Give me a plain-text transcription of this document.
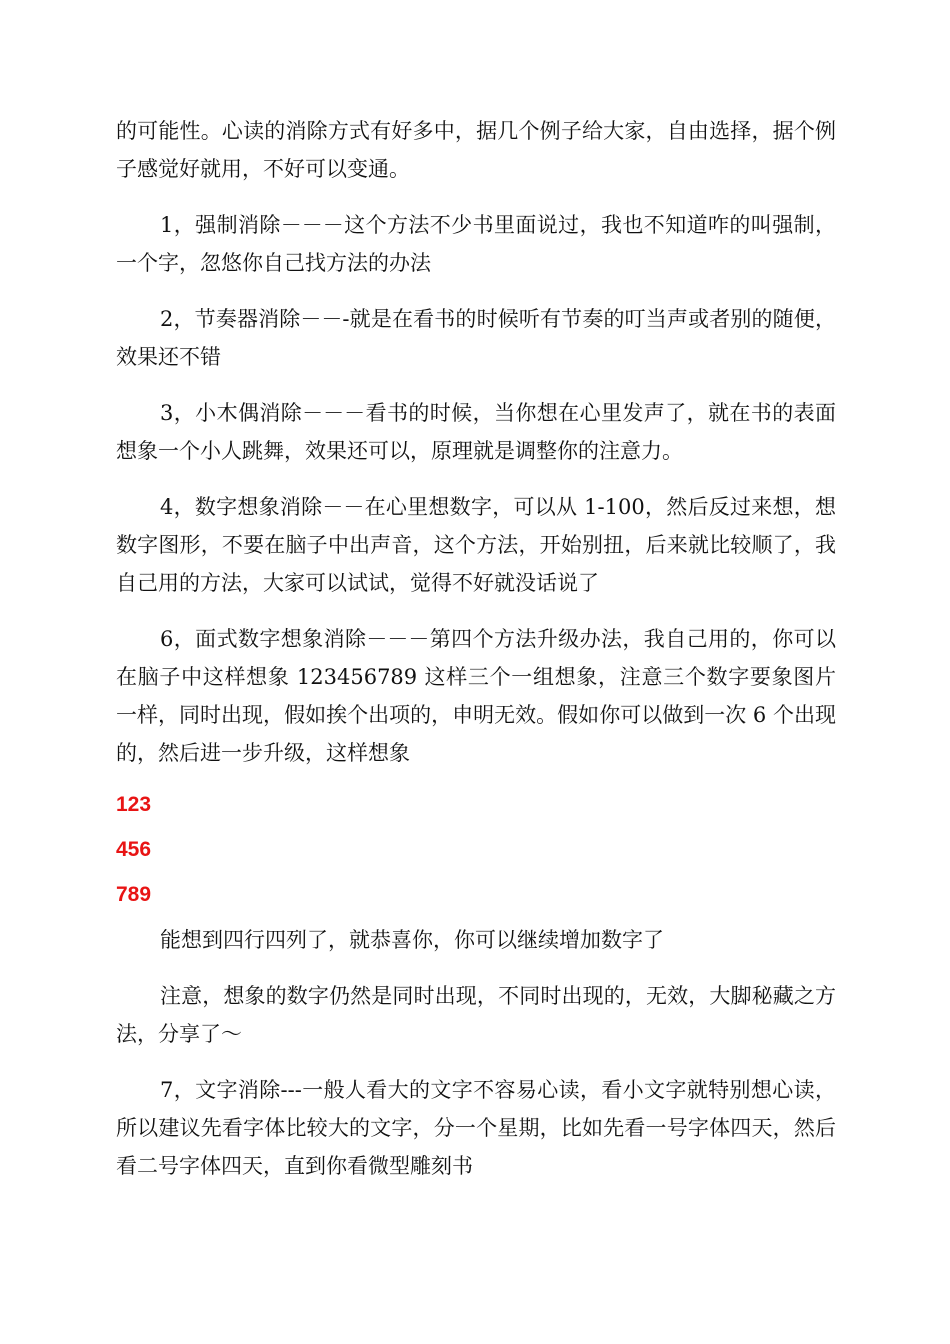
的可能性。心读的消除方式有好多中，据几个例子给大家，自由选择，据个例子感觉好就用，不好可以变通。

1，强制消除－－－这个方法不少书里面说过，我也不知道咋的叫强制，一个字，忽悠你自己找方法的办法

2，节奏器消除－－-就是在看书的时候听有节奏的叮当声或者别的随便，效果还不错

3，小木偶消除－－－看书的时候，当你想在心里发声了，就在书的表面想象一个小人跳舞，效果还可以，原理就是调整你的注意力。

4，数字想象消除－－在心里想数字，可以从 1-100，然后反过来想，想数字图形，不要在脑子中出声音，这个方法，开始别扭，后来就比较顺了，我自己用的方法，大家可以试试，觉得不好就没话说了

6，面式数字想象消除－－－第四个方法升级办法，我自己用的，你可以在脑子中这样想象 123456789 这样三个一组想象，注意三个数字要象图片一样，同时出现，假如挨个出项的，申明无效。假如你可以做到一次 6 个出现的，然后进一步升级，这样想象

123
456
789

能想到四行四列了，就恭喜你，你可以继续增加数字了

注意，想象的数字仍然是同时出现，不同时出现的，无效，大脚秘藏之方法，分享了～

7，文字消除---一般人看大的文字不容易心读，看小文字就特别想心读，所以建议先看字体比较大的文字，分一个星期，比如先看一号字体四天，然后看二号字体四天，直到你看微型雕刻书
